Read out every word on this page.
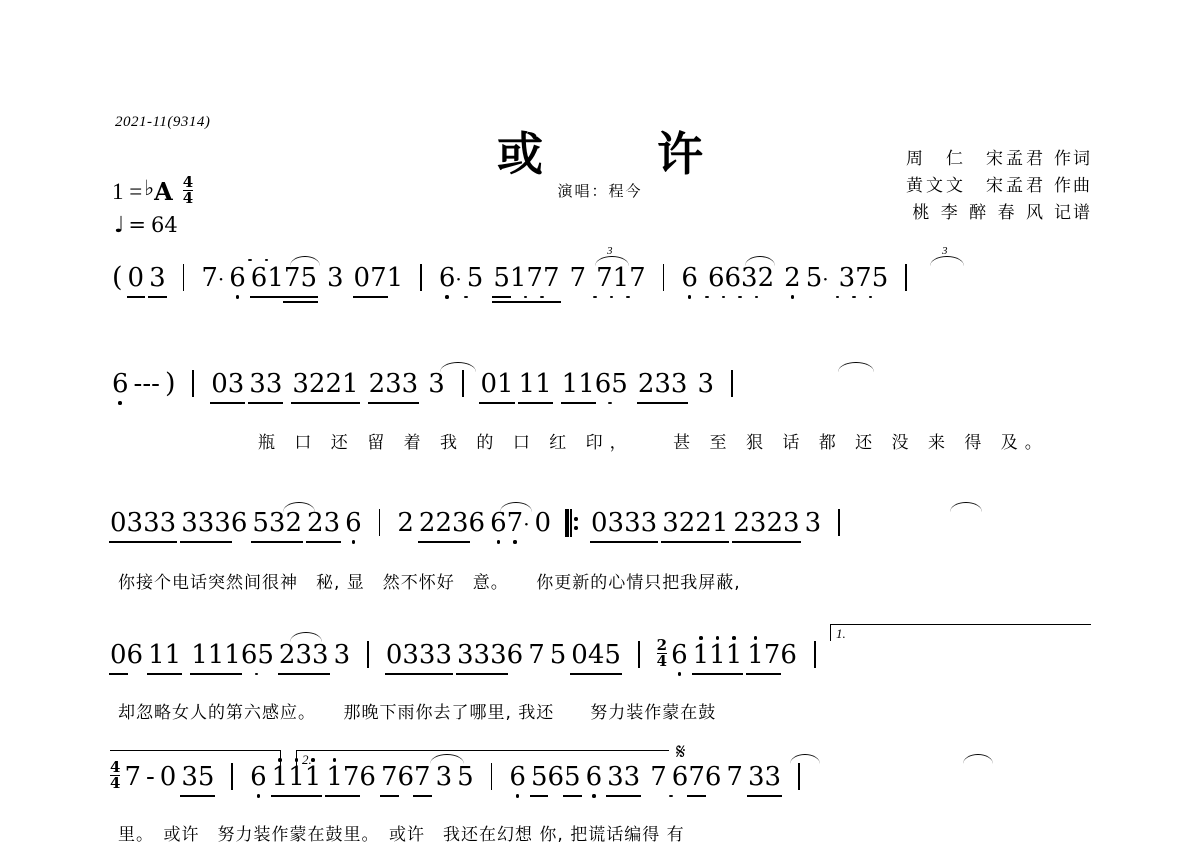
2021-11(9314)
或　许
演唱：程今
周　仁　宋孟君 作词
黄文文　宋孟君 作曲
桃 李 醉 春 风 记谱
1 = ♭ A $\frac{4}{4}$
♩ = 64
( 0 3 7· 6 6175 3 071 6· 5 5177 7 717 6 6632 2 5· 375
3	3
6 --- ) 03 33 3221 233 3 01 11 1165 233 3
瓶 口 还 留 着 我 的 口 红 印，　　甚 至 狠 话 都 还 没 来 得 及。
0333 3336 532 23 6 2 2236 67· 0 0333 3221 2323 3
你接个电话突然间很神　秘, 显　然不怀好　意。　　你更新的心情只把我屏蔽,
1.
06 11 11165 233 3 0333 3336 7 5 $045 \frac{2}{4} 6$ 111 176
却忽略女人的第六感应。　　那晚下雨你去了哪里, 我还　　努力装作蒙在鼓
2.	𝄋
$\frac{4}{4} 7 - 0$ 35 6 111 176 767 3 5 6 565 6 33 7 676 7 33
里。　或许　努力装作蒙在鼓里。　或许　我还在幻想 你, 把谎话编得 有
